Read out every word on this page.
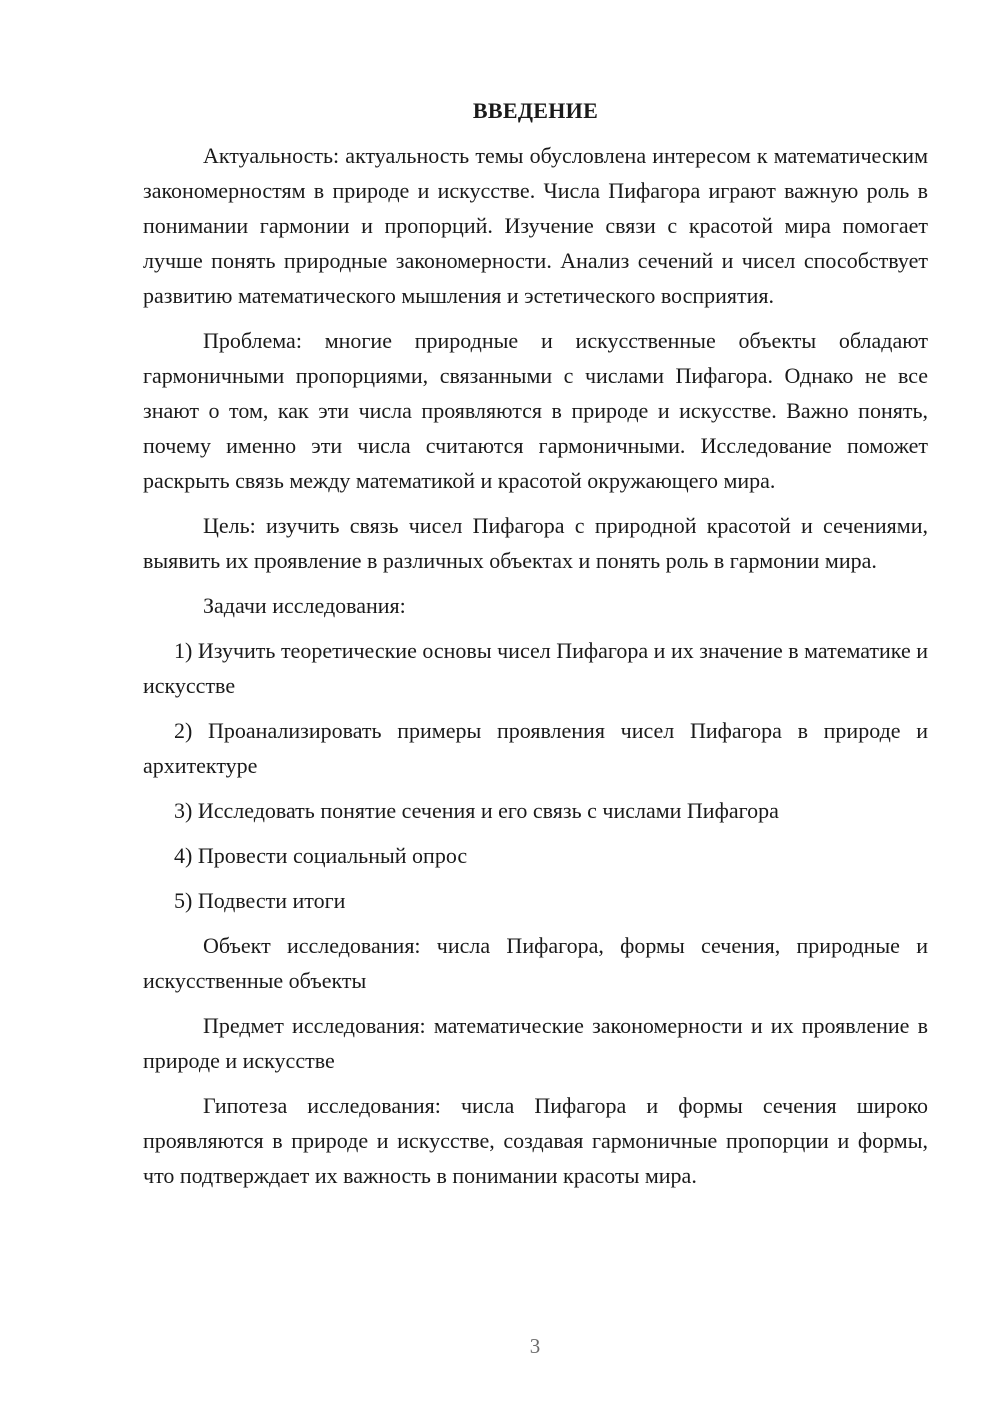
ВВЕДЕНИЕ

Актуальность: актуальность темы обусловлена интересом к математическим закономерностям в природе и искусстве. Числа Пифагора играют важную роль в понимании гармонии и пропорций. Изучение связи с красотой мира помогает лучше понять природные закономерности. Анализ сечений и чисел способствует развитию математического мышления и эстетического восприятия.

Проблема: многие природные и искусственные объекты обладают гармоничными пропорциями, связанными с числами Пифагора. Однако не все знают о том, как эти числа проявляются в природе и искусстве. Важно понять, почему именно эти числа считаются гармоничными. Исследование поможет раскрыть связь между математикой и красотой окружающего мира.

Цель: изучить связь чисел Пифагора с природной красотой и сечениями, выявить их проявление в различных объектах и понять роль в гармонии мира.

Задачи исследования:

1) Изучить теоретические основы чисел Пифагора и их значение в математике и искусстве

2) Проанализировать примеры проявления чисел Пифагора в природе и архитектуре

3) Исследовать понятие сечения и его связь с числами Пифагора

4) Провести социальный опрос

5) Подвести итоги

Объект исследования: числа Пифагора, формы сечения, природные и искусственные объекты

Предмет исследования: математические закономерности и их проявление в природе и искусстве

Гипотеза исследования: числа Пифагора и формы сечения широко проявляются в природе и искусстве, создавая гармоничные пропорции и формы, что подтверждает их важность в понимании красоты мира.

3
